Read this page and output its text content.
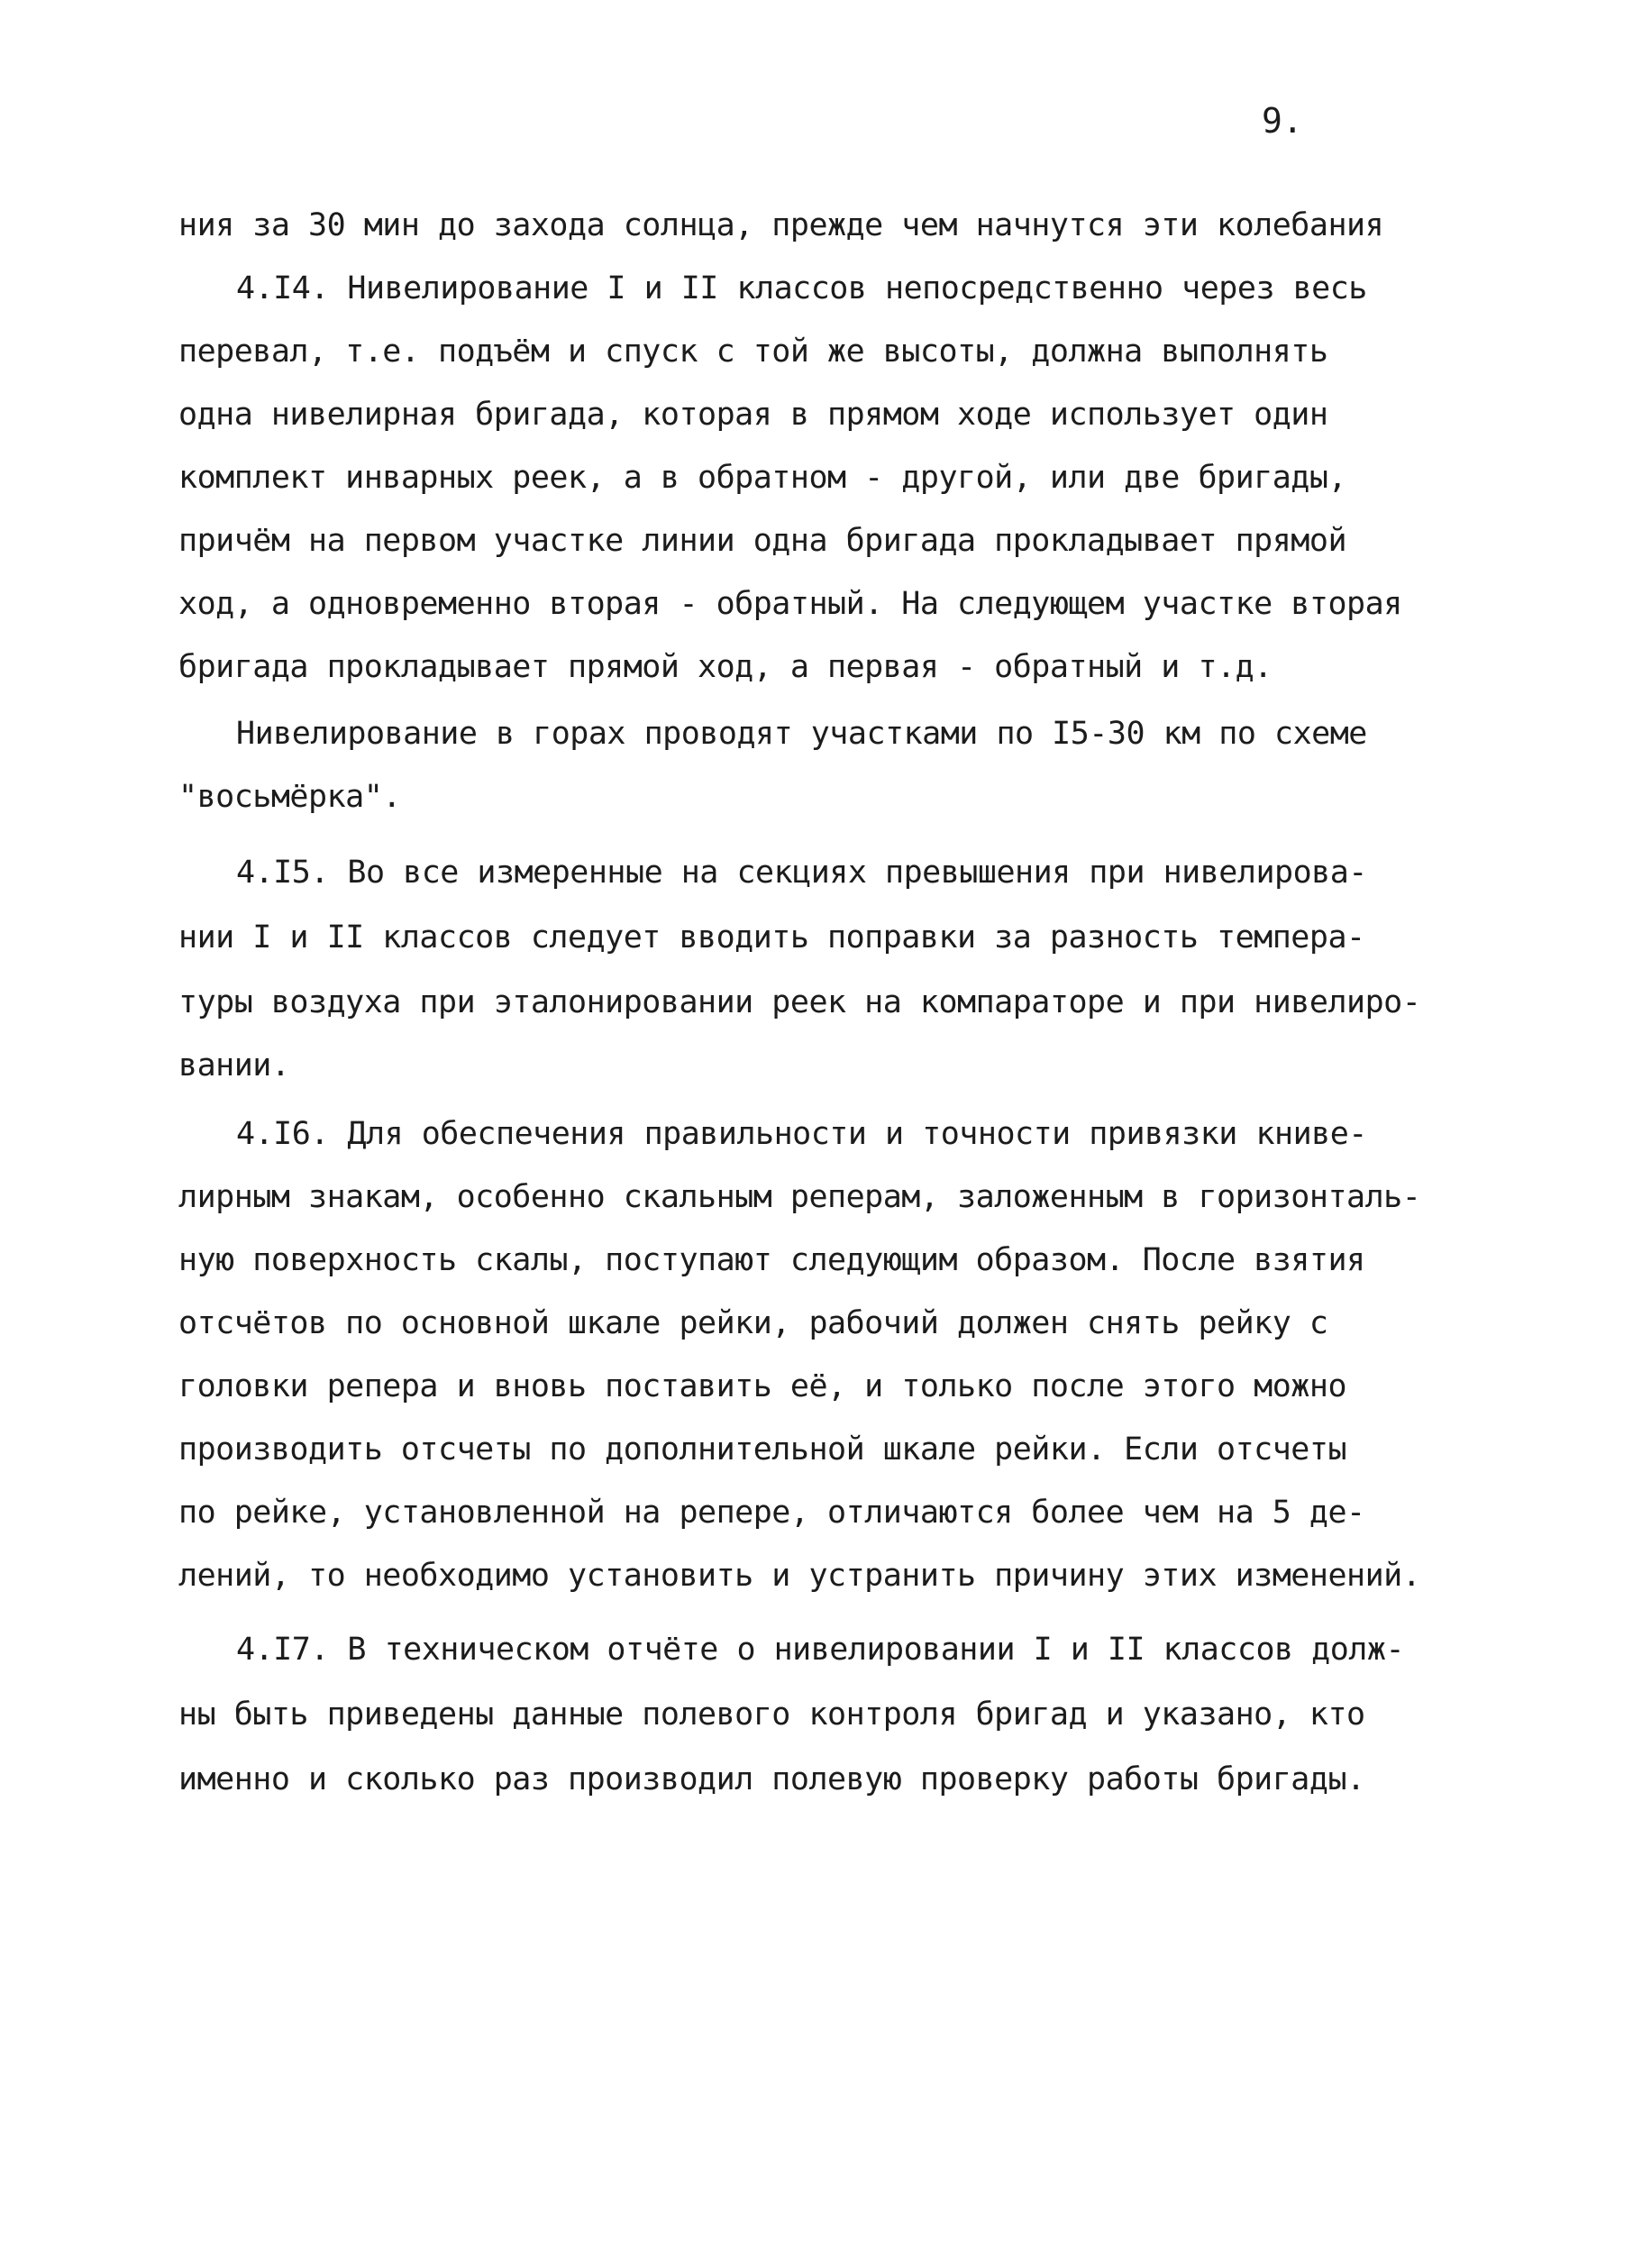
9.
ния за 30 мин до захода солнца, прежде чем начнутся эти колебания
4.I4. Нивелирование I и II классов непосредственно через весь
перевал, т.е. подъём и спуск с той же высоты, должна выполнять
одна нивелирная бригада, которая в прямом ходе использует один
комплект инварных реек, а в обратном - другой, или две бригады,
причём на первом участке линии одна бригада прокладывает прямой
ход, а одновременно вторая - обратный. На следующем участке вторая
бригада прокладывает прямой ход, а первая - обратный и т.д.
Нивелирование в горах проводят участками по I5-30 км по схеме
"восьмёрка".
4.I5. Во все измеренные на секциях превышения при нивелирова-
нии I и II классов следует вводить поправки за разность темпера-
туры воздуха при эталонировании реек на компараторе и при нивелиро-
вании.
4.I6. Для обеспечения правильности и точности привязки книве-
лирным знакам, особенно скальным реперам, заложенным в горизонталь-
ную поверхность скалы, поступают следующим образом. После взятия
отсчётов по основной шкале рейки, рабочий должен снять рейку с
головки репера и вновь поставить её, и только после этого можно
производить отсчеты по дополнительной шкале рейки. Если отсчеты
по рейке, установленной на репере, отличаются более чем на 5 де-
лений, то необходимо установить и устранить причину этих изменений.
4.I7. В техническом отчёте о нивелировании I и II классов долж-
ны быть приведены данные полевого контроля бригад и указано, кто
именно и сколько раз производил полевую проверку работы бригады.
